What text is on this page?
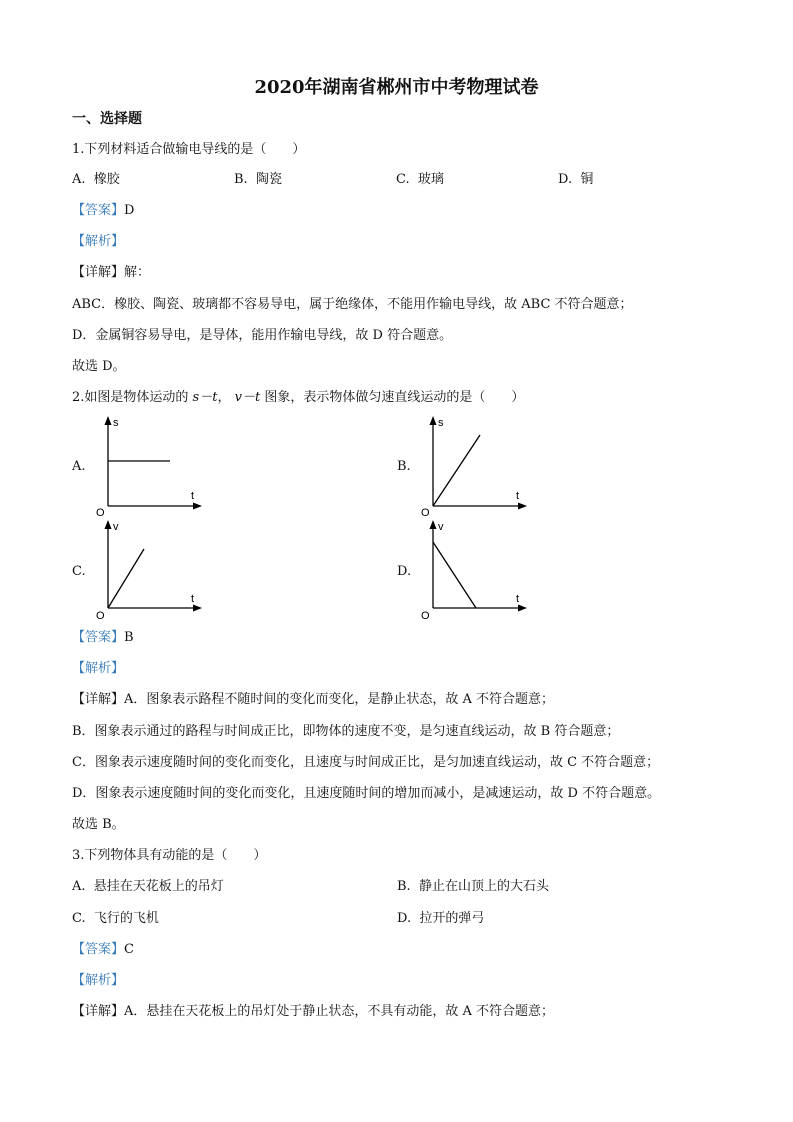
2020年湖南省郴州市中考物理试卷
一、选择题
1.下列材料适合做输电导线的是（　　）
A. 橡胶	B. 陶瓷	C. 玻璃	D. 铜
【答案】D
【解析】
【详解】解：
ABC．橡胶、陶瓷、玻璃都不容易导电，属于绝缘体，不能用作输电导线，故 ABC 不符合题意；
D．金属铜容易导电，是导体，能用作输电导线，故 D 符合题意。
故选 D。
2.如图是物体运动的 s－t， v－t 图象，表示物体做匀速直线运动的是（　　）
A.
s
t
O
B.
s
t
O
C.
v
t
O
D.
v
t
O
【答案】B
【解析】
【详解】A．图象表示路程不随时间的变化而变化，是静止状态，故 A 不符合题意；
B．图象表示通过的路程与时间成正比，即物体的速度不变，是匀速直线运动，故 B 符合题意；
C．图象表示速度随时间的变化而变化，且速度与时间成正比，是匀加速直线运动，故 C 不符合题意；
D．图象表示速度随时间的变化而变化，且速度随时间的增加而减小，是减速运动，故 D 不符合题意。
故选 B。
3.下列物体具有动能的是（　　）
A. 悬挂在天花板上的吊灯	B. 静止在山顶上的大石头
C. 飞行的飞机	D. 拉开的弹弓
【答案】C
【解析】
【详解】A．悬挂在天花板上的吊灯处于静止状态，不具有动能，故 A 不符合题意；
